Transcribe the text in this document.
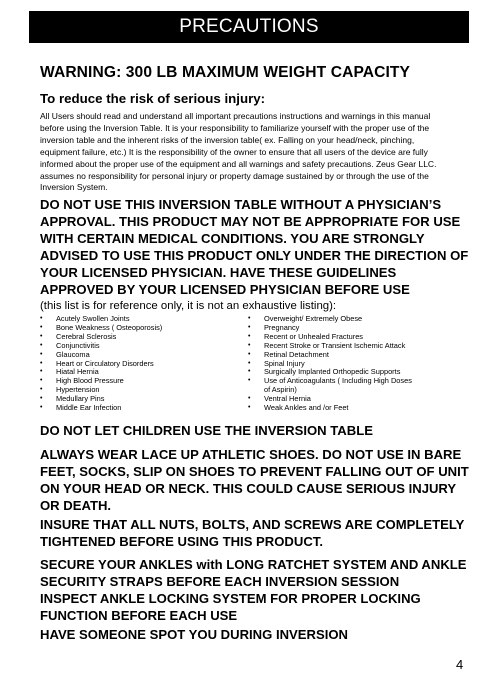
PRECAUTIONS
WARNING: 300 LB MAXIMUM WEIGHT CAPACITY
To reduce the risk of serious injury:
All Users should read and understand all important precautions instructions and warnings in this manual
before using the Inversion Table. It is your responsibility to familiarize yourself with the proper use of the
inversion table and the inherent risks of the inversion table( ex. Falling on your head/neck, pinching,
equipment failure, etc.) It is the responsibility of the owner to ensure that all users of the device are fully
informed about the proper use of the equipment and all warnings and safety precautions. Zeus Gear LLC.
assumes no responsibility for personal injury or property damage sustained by or through the use of the
Inversion System.
DO NOT USE THIS INVERSION TABLE WITHOUT A PHYSICIAN’S
APPROVAL. THIS PRODUCT MAY NOT BE APPROPRIATE FOR USE
WITH CERTAIN MEDICAL CONDITIONS. YOU ARE STRONGLY
ADVISED TO USE THIS PRODUCT ONLY UNDER THE DIRECTION OF
YOUR LICENSED PHYSICIAN. HAVE THESE GUIDELINES
APPROVED BY YOUR LICENSED PHYSICIAN BEFORE USE
(this list is for reference only, it is not an exhaustive listing):
• Acutely Swollen Joints
• Bone Weakness ( Osteoporosis)
• Cerebral Sclerosis
• Conjunctivitis
• Glaucoma
• Heart or Circulatory Disorders
• Hiatal Hernia
• High Blood Pressure
• Hypertension
• Medullary Pins
• Middle Ear Infection
• Overweight/ Extremely Obese
• Pregnancy
• Recent or Unhealed Fractures
• Recent Stroke or Transient Ischemic Attack
• Retinal Detachment
• Spinal Injury
• Surgically Implanted Orthopedic Supports
• Use of Anticoagulants ( Including High Doses
of Aspirin)
• Ventral Hernia
• Weak Ankles and /or Feet
DO NOT LET CHILDREN USE THE INVERSION TABLE
ALWAYS WEAR LACE UP ATHLETIC SHOES. DO NOT USE IN BARE
FEET, SOCKS, SLIP ON SHOES TO PREVENT FALLING OUT OF UNIT
ON YOUR HEAD OR NECK. THIS COULD CAUSE SERIOUS INJURY
OR DEATH.
INSURE THAT ALL NUTS, BOLTS, AND SCREWS ARE COMPLETELY
TIGHTENED BEFORE USING THIS PRODUCT.
SECURE YOUR ANKLES with LONG RATCHET SYSTEM AND ANKLE
SECURITY STRAPS BEFORE EACH INVERSION SESSION
INSPECT ANKLE LOCKING SYSTEM FOR PROPER LOCKING
FUNCTION BEFORE EACH USE
HAVE SOMEONE SPOT YOU DURING INVERSION
4
